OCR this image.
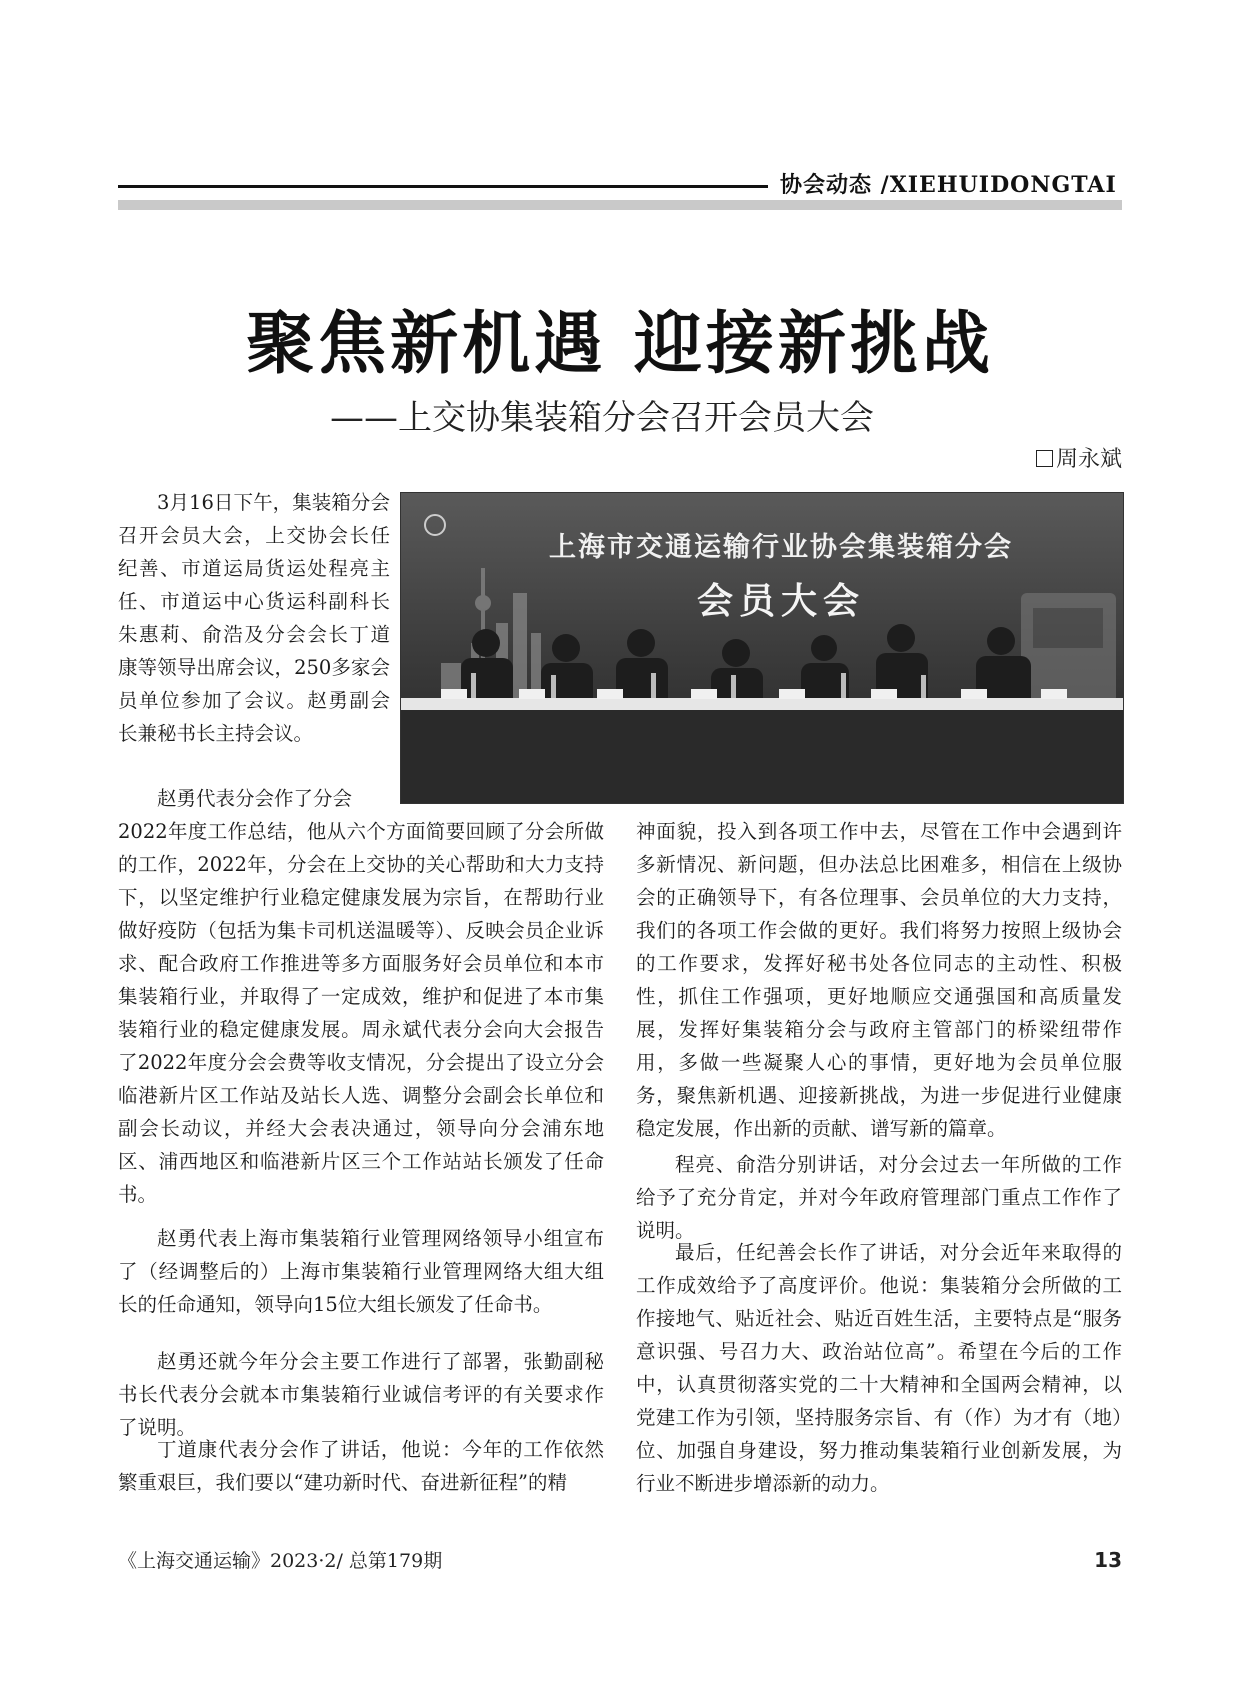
协会动态 /XIEHUIDONGTAI
聚焦新机遇 迎接新挑战
——上交协集装箱分会召开会员大会
周永斌
上海市交通运输行业协会集装箱分会
会员大会

3月16日下午，集装箱分会召开会员大会，上交协会长任纪善、市道运局货运处程亮主任、市道运中心货运科副科长朱惠莉、俞浩及分会会长丁道康等领导出席会议，250多家会员单位参加了会议。赵勇副会长兼秘书长主持会议。

赵勇代表分会作了分会

2022年度工作总结，他从六个方面简要回顾了分会所做的工作，2022年，分会在上交协的关心帮助和大力支持下，以坚定维护行业稳定健康发展为宗旨，在帮助行业做好疫防（包括为集卡司机送温暖等）、反映会员企业诉求、配合政府工作推进等多方面服务好会员单位和本市集装箱行业，并取得了一定成效，维护和促进了本市集装箱行业的稳定健康发展。周永斌代表分会向大会报告了2022年度分会会费等收支情况，分会提出了设立分会临港新片区工作站及站长人选、调整分会副会长单位和副会长动议，并经大会表决通过，领导向分会浦东地区、浦西地区和临港新片区三个工作站站长颁发了任命书。

赵勇代表上海市集装箱行业管理网络领导小组宣布了（经调整后的）上海市集装箱行业管理网络大组大组长的任命通知，领导向15位大组长颁发了任命书。

赵勇还就今年分会主要工作进行了部署，张勤副秘书长代表分会就本市集装箱行业诚信考评的有关要求作了说明。

丁道康代表分会作了讲话，他说：今年的工作依然繁重艰巨，我们要以“建功新时代、奋进新征程”的精

神面貌，投入到各项工作中去，尽管在工作中会遇到许多新情况、新问题，但办法总比困难多，相信在上级协会的正确领导下，有各位理事、会员单位的大力支持，我们的各项工作会做的更好。我们将努力按照上级协会的工作要求，发挥好秘书处各位同志的主动性、积极性，抓住工作强项，更好地顺应交通强国和高质量发展，发挥好集装箱分会与政府主管部门的桥梁纽带作用，多做一些凝聚人心的事情，更好地为会员单位服务，聚焦新机遇、迎接新挑战，为进一步促进行业健康稳定发展，作出新的贡献、谱写新的篇章。

程亮、俞浩分别讲话，对分会过去一年所做的工作给予了充分肯定，并对今年政府管理部门重点工作作了说明。

最后，任纪善会长作了讲话，对分会近年来取得的工作成效给予了高度评价。他说：集装箱分会所做的工作接地气、贴近社会、贴近百姓生活，主要特点是“服务意识强、号召力大、政治站位高”。希望在今后的工作中，认真贯彻落实党的二十大精神和全国两会精神，以党建工作为引领，坚持服务宗旨、有（作）为才有（地）位、加强自身建设，努力推动集装箱行业创新发展，为行业不断进步增添新的动力。

《上海交通运输》2023·2/ 总第179期	13
